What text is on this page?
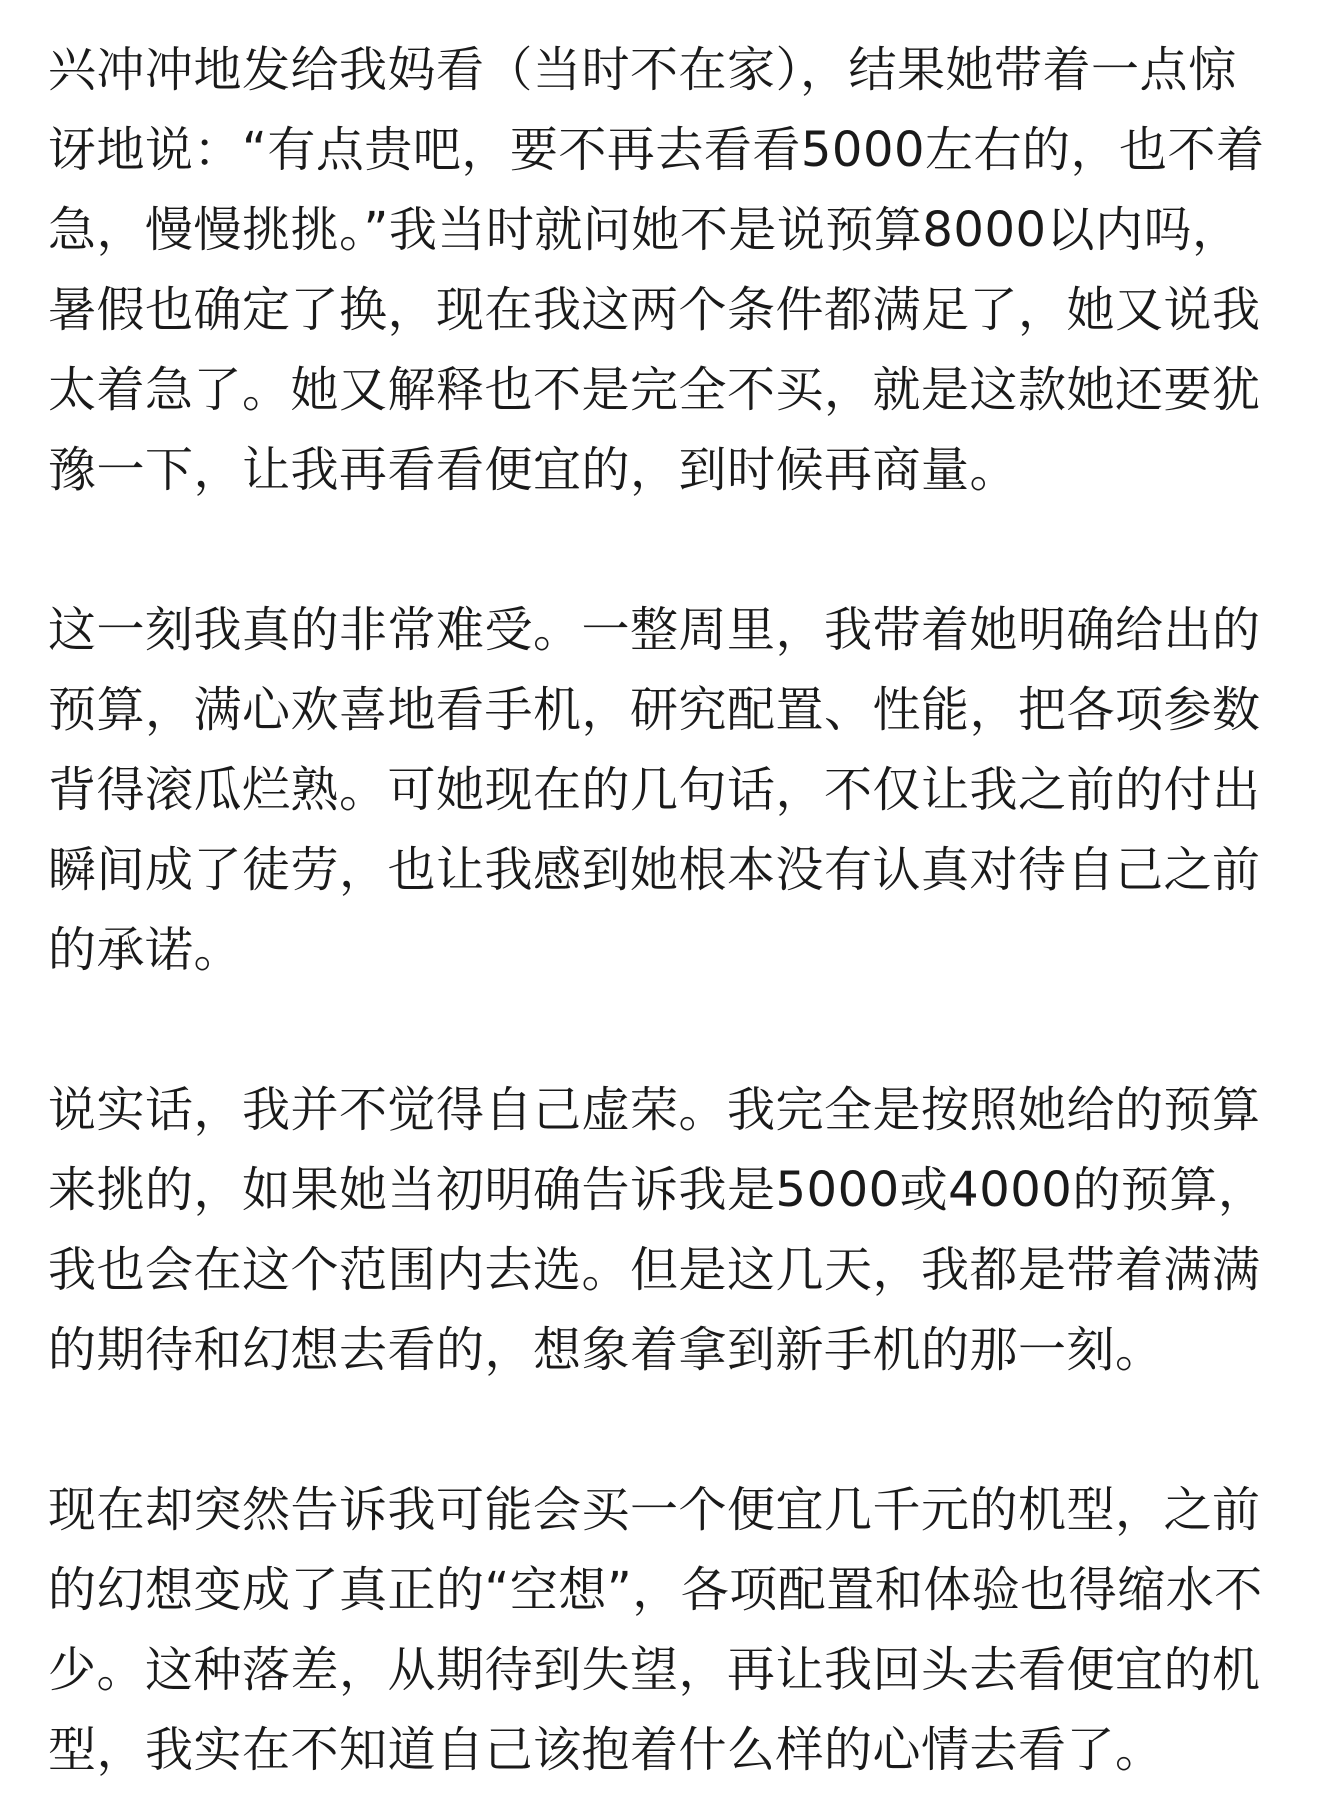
兴冲冲地发给我妈看（当时不在家），结果她带着一点惊讶地说：“有点贵吧，要不再去看看5000左右的，也不着急，慢慢挑挑。”我当时就问她不是说预算8000以内吗，暑假也确定了换，现在我这两个条件都满足了，她又说我太着急了。她又解释也不是完全不买，就是这款她还要犹豫一下，让我再看看便宜的，到时候再商量。

这一刻我真的非常难受。一整周里，我带着她明确给出的预算，满心欢喜地看手机，研究配置、性能，把各项参数背得滚瓜烂熟。可她现在的几句话，不仅让我之前的付出瞬间成了徒劳，也让我感到她根本没有认真对待自己之前的承诺。

说实话，我并不觉得自己虚荣。我完全是按照她给的预算来挑的，如果她当初明确告诉我是5000或4000的预算，我也会在这个范围内去选。但是这几天，我都是带着满满的期待和幻想去看的，想象着拿到新手机的那一刻。

现在却突然告诉我可能会买一个便宜几千元的机型，之前的幻想变成了真正的“空想”，各项配置和体验也得缩水不少。这种落差，从期待到失望，再让我回头去看便宜的机型，我实在不知道自己该抱着什么样的心情去看了。
